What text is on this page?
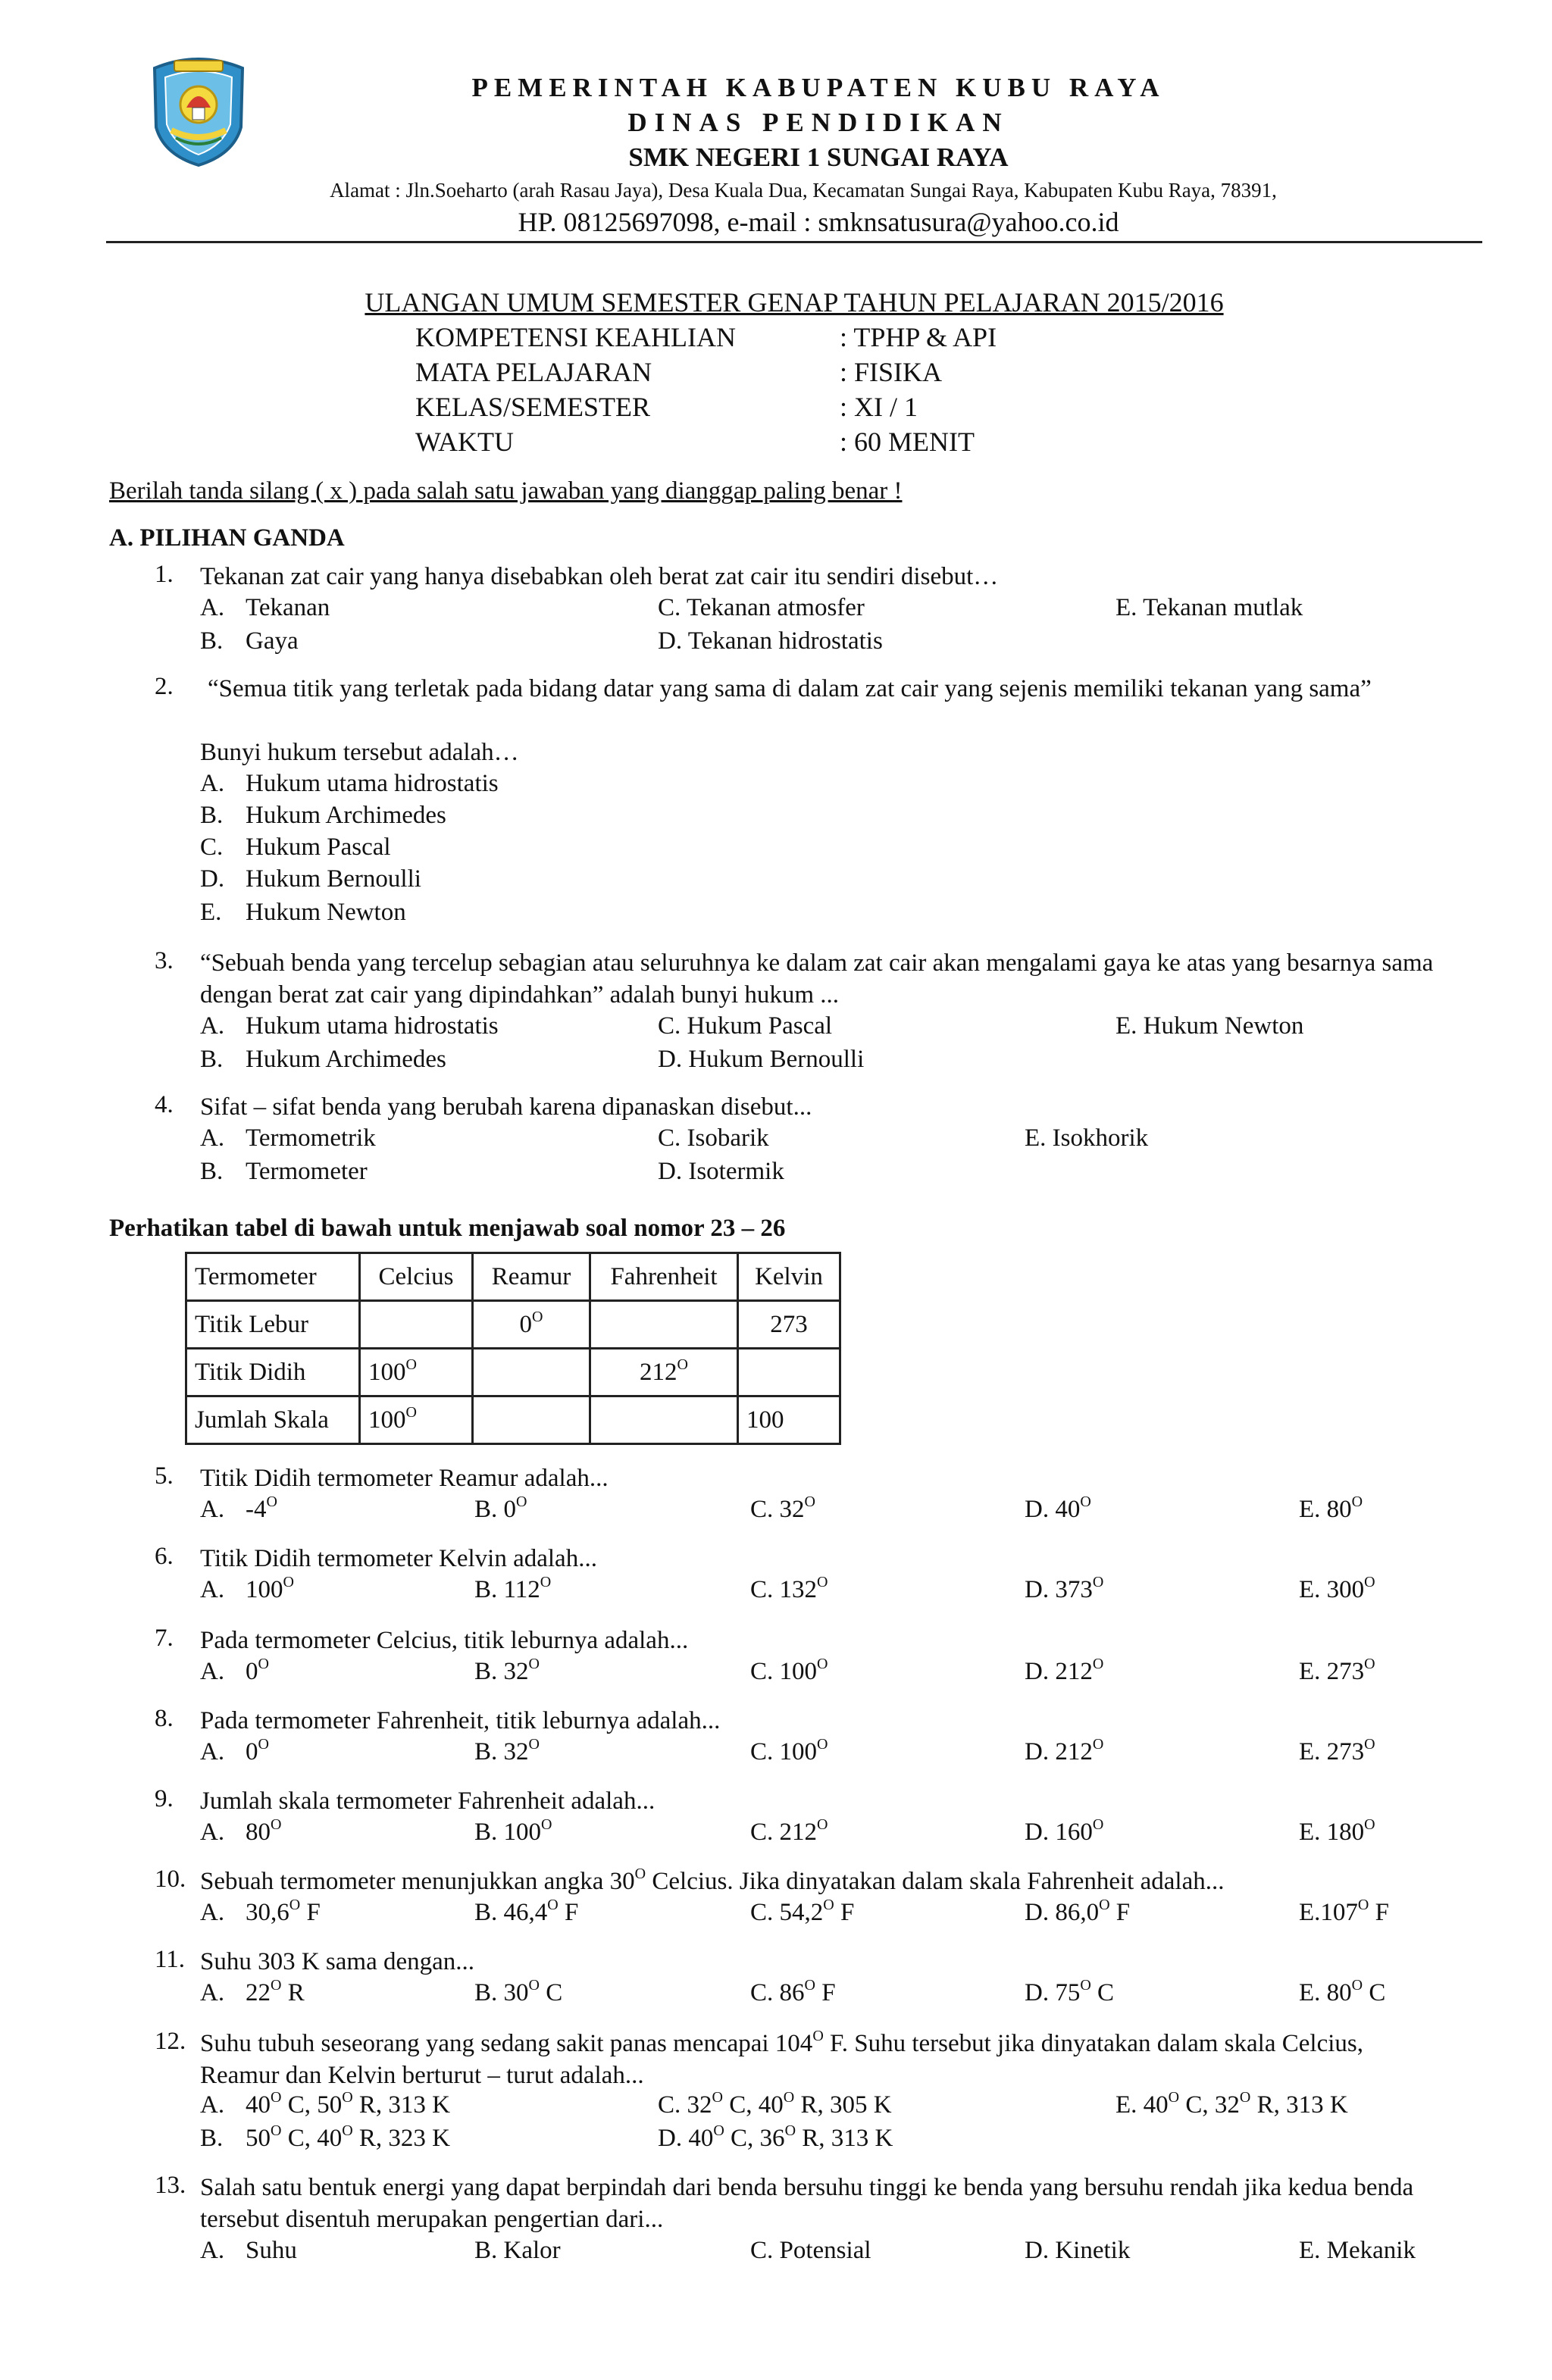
PEMERINTAH KABUPATEN KUBU RAYA
DINAS PENDIDIKAN
SMK NEGERI 1 SUNGAI RAYA
Alamat : Jln.Soeharto (arah Rasau Jaya), Desa Kuala Dua, Kecamatan Sungai Raya, Kabupaten Kubu Raya, 78391,
HP. 08125697098, e-mail : smknsatusura@yahoo.co.id
ULANGAN UMUM SEMESTER GENAP TAHUN PELAJARAN 2015/2016
KOMPETENSI KEAHLIAN	: TPHP & API
MATA PELAJARAN	: FISIKA
KELAS/SEMESTER	: XI / 1
WAKTU	: 60 MENIT
Berilah tanda silang ( x ) pada salah satu jawaban yang dianggap paling benar !
A. PILIHAN GANDA
1. Tekanan zat cair yang hanya disebabkan oleh berat zat cair itu sendiri disebut…
A. Tekanan
B. Gaya
C. Tekanan atmosfer
D. Tekanan hidrostatis
E. Tekanan mutlak
2.	“Semua titik yang terletak pada bidang datar yang sama di dalam zat cair yang sejenis memiliki tekanan yang sama”
Bunyi hukum tersebut adalah…
A. Hukum utama hidrostatis
B. Hukum Archimedes
C. Hukum Pascal
D. Hukum Bernoulli
E. Hukum Newton
3. “Sebuah benda yang tercelup sebagian atau seluruhnya ke dalam zat cair akan mengalami gaya ke atas yang besarnya sama dengan berat zat cair yang dipindahkan” adalah bunyi hukum ...
A. Hukum utama hidrostatis
B. Hukum Archimedes
C. Hukum Pascal
D. Hukum Bernoulli
E. Hukum Newton
4. Sifat – sifat benda yang berubah karena dipanaskan disebut...
A. Termometrik
B. Termometer
C. Isobarik
D. Isotermik
E. Isokhorik
Perhatikan tabel di bawah untuk menjawab soal nomor 23 – 26
Termometer	Celcius	Reamur	Fahrenheit	Kelvin
Titik Lebur		$0^O$		273
Titik Didih	$100^O$		$212^O$	
Jumlah Skala	$100^O$			100
5. Titik Didih termometer Reamur adalah...
A. $-4^O$	B. $0^O$	C. $32^O$	D. $40^O$	E. $80^O$
6. Titik Didih termometer Kelvin adalah...
A. $100^O$	B. $112^O$	C. $132^O$	D. $373^O$	E. $300^O$
7. Pada termometer Celcius, titik leburnya adalah...
A. $0^O$	B. $32^O$	C. $100^O$	D. $212^O$	E. $273^O$
8. Pada termometer Fahrenheit, titik leburnya adalah...
A. $0^O$	B. $32^O$	C. $100^O$	D. $212^O$	E. $273^O$
9. Jumlah skala termometer Fahrenheit adalah...
A. $80^O$	B. $100^O$	C. $212^O$	D. $160^O$	E. $180^O$
10. Sebuah termometer menunjukkan angka $30^O$ Celcius. Jika dinyatakan dalam skala Fahrenheit adalah...
A. $30,6^O$ F	B. $46,4^O$ F	C. $54,2^O$ F	D. $86,0^O$ F	$E.107^O$ F
11. Suhu 303 K sama dengan...
A. $22^O$ R	B. $30^O$ C	C. $86^O$ F	D. $75^O$ C	E. $80^O$ C
12. Suhu tubuh seseorang yang sedang sakit panas mencapai $104^O$ F. Suhu tersebut jika dinyatakan dalam skala Celcius, Reamur dan Kelvin berturut – turut adalah...
A. $40^O$ C, $50^O$ R, 313 K
B. $50^O$ C, $40^O$ R, 323 K
C. $32^O$ C, $40^O$ R, 305 K
D. $40^O$ C, $36^O$ R, 313 K
E. $40^O$ C, $32^O$ R, 313 K
13. Salah satu bentuk energi yang dapat berpindah dari benda bersuhu tinggi ke benda yang bersuhu rendah jika kedua benda tersebut disentuh merupakan pengertian dari...
A. Suhu	B. Kalor	C. Potensial	D. Kinetik	E. Mekanik
